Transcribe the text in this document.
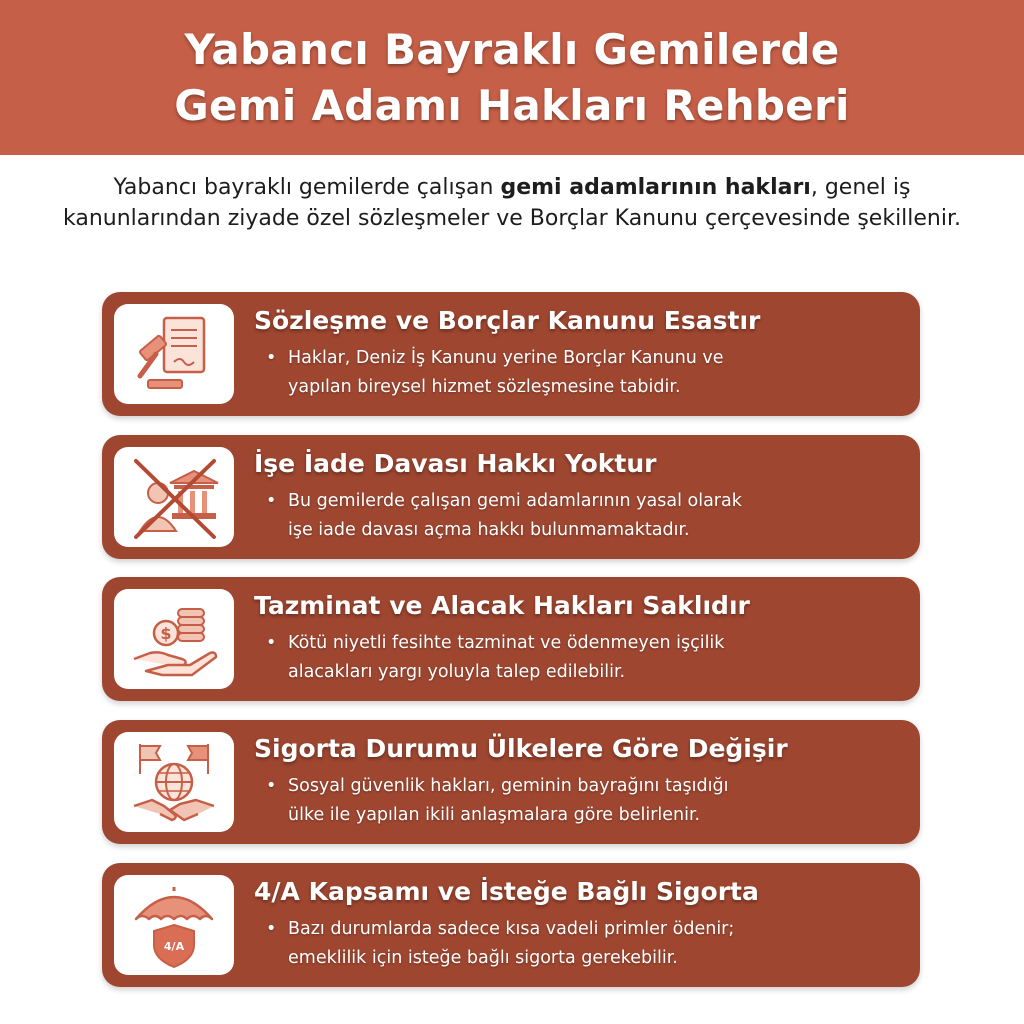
Yabancı Bayraklı Gemilerde
Gemi Adamı Hakları Rehberi
Yabancı bayraklı gemilerde çalışan gemi adamlarının hakları, genel iş kanunlarından ziyade özel sözleşmeler ve Borçlar Kanunu çerçevesinde şekillenir.
Sözleşme ve Borçlar Kanunu Esastır
• Haklar, Deniz İş Kanunu yerine Borçlar Kanunu ve
yapılan bireysel hizmet sözleşmesine tabidir.
İşe İade Davası Hakkı Yoktur
• Bu gemilerde çalışan gemi adamlarının yasal olarak
işe iade davası açma hakkı bulunmamaktadır.
$
Tazminat ve Alacak Hakları Saklıdır
• Kötü niyetli fesihte tazminat ve ödenmeyen işçilik
alacakları yargı yoluyla talep edilebilir.
Sigorta Durumu Ülkelere Göre Değişir
• Sosyal güvenlik hakları, geminin bayrağını taşıdığı
ülke ile yapılan ikili anlaşmalara göre belirlenir.
4/A
4/A Kapsamı ve İsteğe Bağlı Sigorta
• Bazı durumlarda sadece kısa vadeli primler ödenir;
emeklilik için isteğe bağlı sigorta gerekebilir.
